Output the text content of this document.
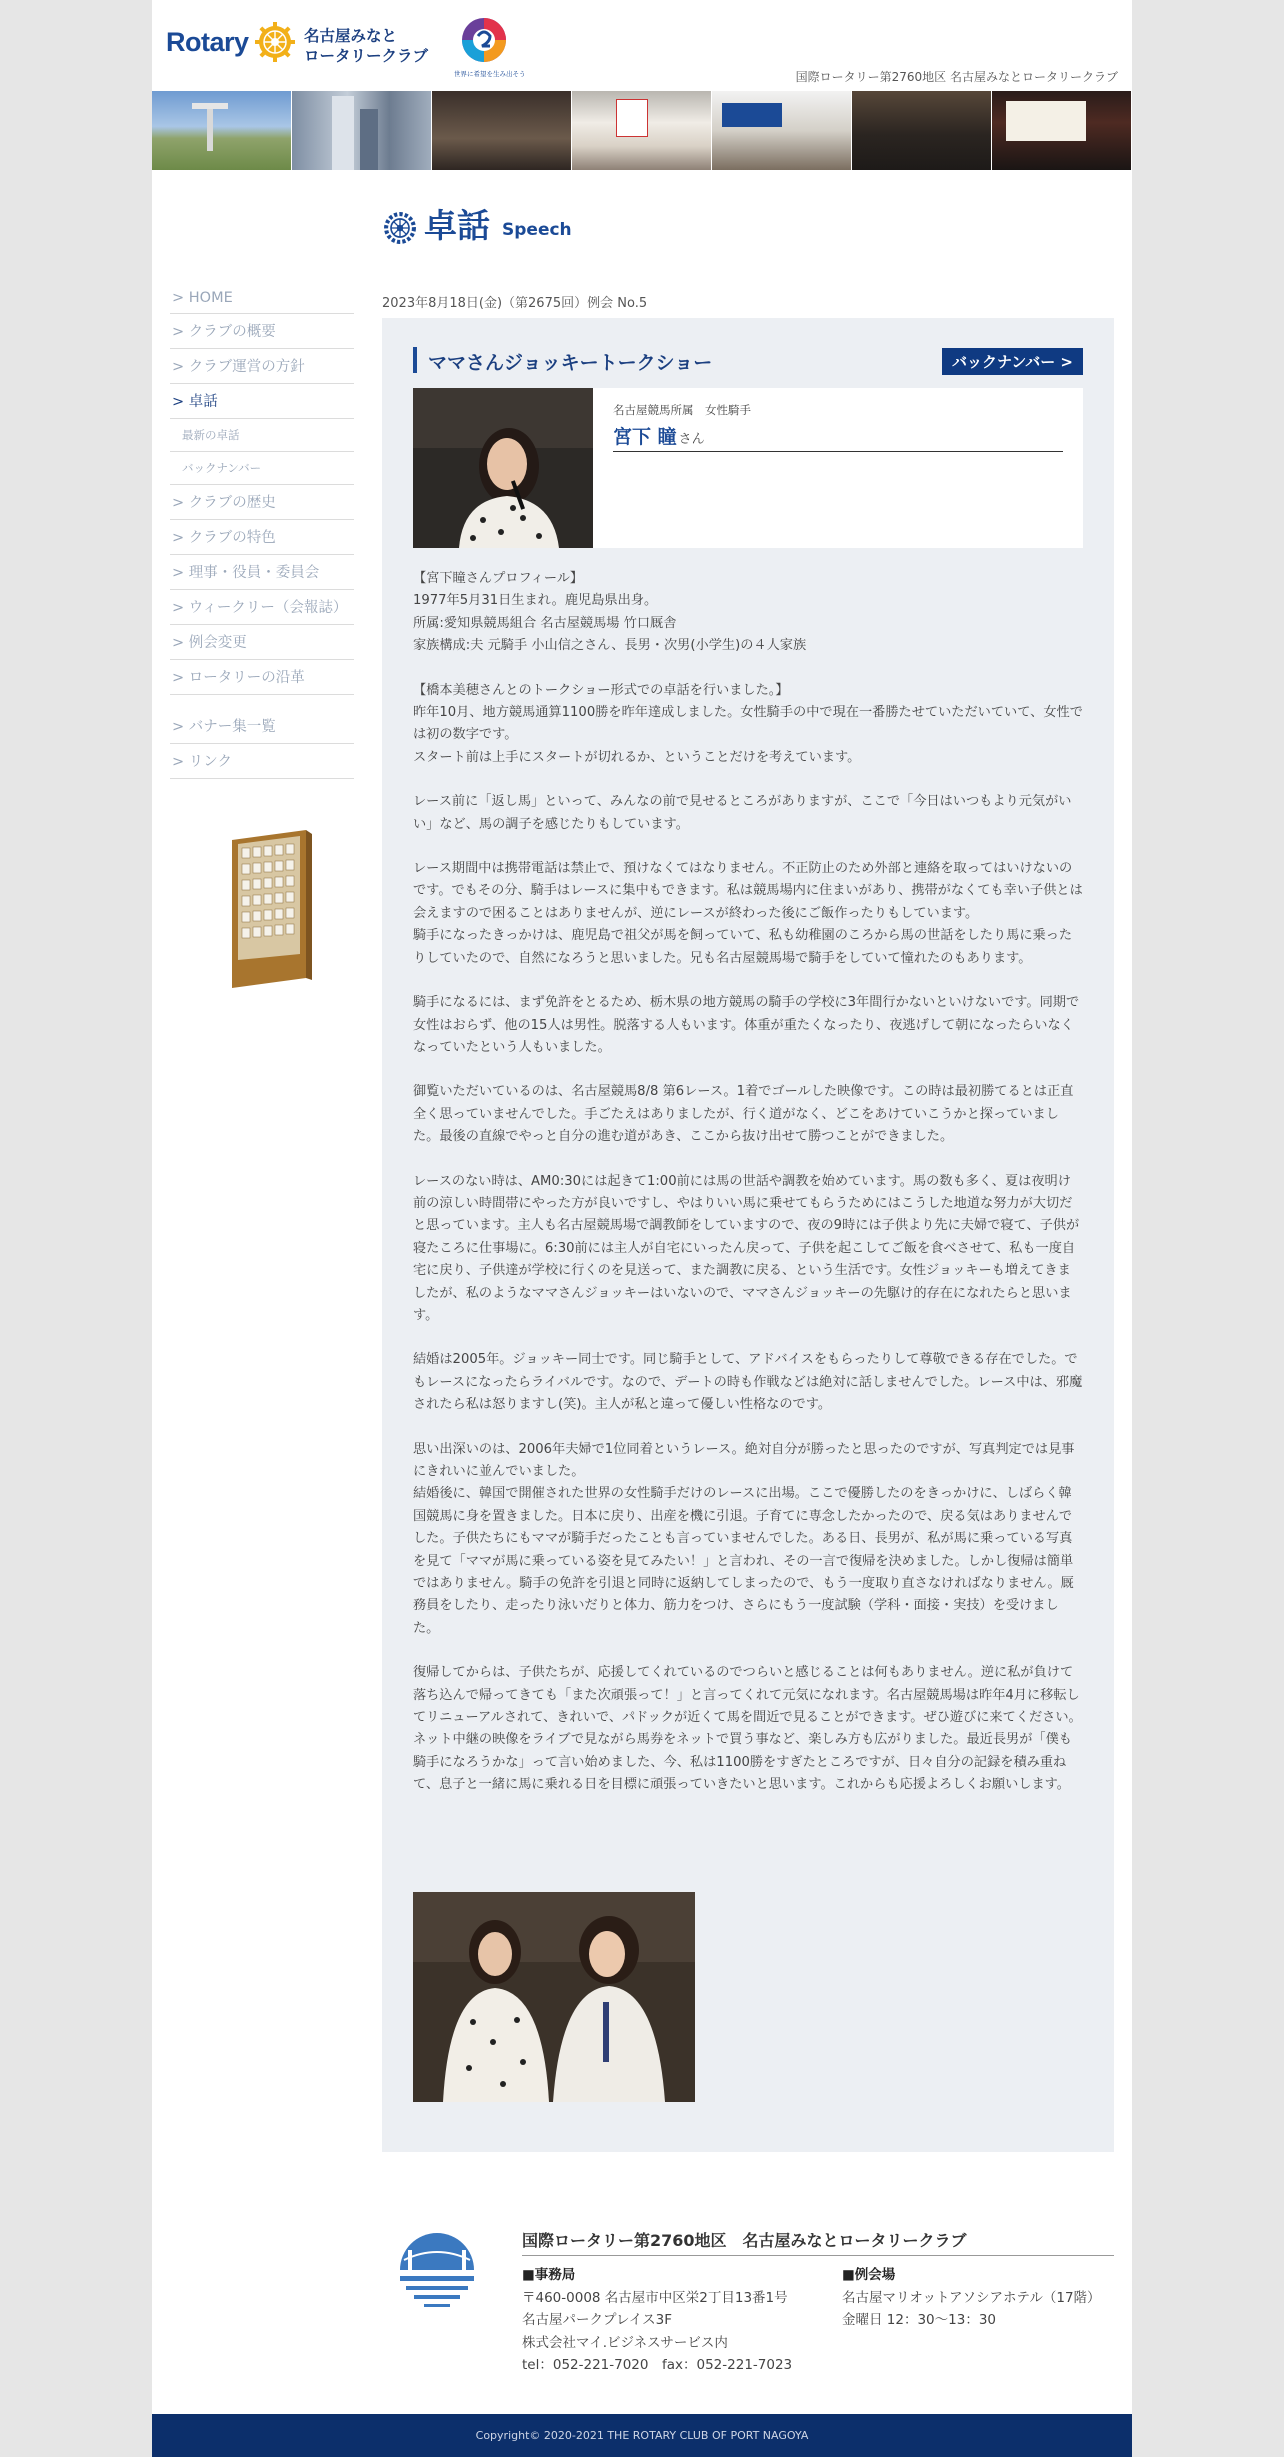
Rotary	名古屋みなと
ロータリークラブ
世界に希望を生み出そう	国際ロータリー第2760地区 名古屋みなとロータリークラブ
> HOME
> クラブの概要
> クラブ運営の方針
> 卓話
最新の卓話
バックナンバー
> クラブの歴史
> クラブの特色
> 理事・役員・委員会
> ウィークリー（会報誌）
> 例会変更
> ロータリーの沿革
> バナー集一覧
> リンク
卓話 Speech
2023年8月18日(金)（第2675回）例会 No.5
ママさんジョッキートークショー	バックナンバー >
名古屋競馬所属　女性騎手
宮下 瞳 さん

【宮下瞳さんプロフィール】
1977年5月31日生まれ。鹿児島県出身。
所属:愛知県競馬組合 名古屋競馬場 竹口厩舎
家族構成:夫 元騎手 小山信之さん、長男・次男(小学生)の４人家族

【橋本美穂さんとのトークショー形式での卓話を行いました。】
昨年10月、地方競馬通算1100勝を昨年達成しました。女性騎手の中で現在一番勝たせていただいていて、女性では初の数字です。
スタート前は上手にスタートが切れるか、ということだけを考えています。

レース前に「返し馬」といって、みんなの前で見せるところがありますが、ここで「今日はいつもより元気がいい」など、馬の調子を感じたりもしています。

レース期間中は携帯電話は禁止で、預けなくてはなりません。不正防止のため外部と連絡を取ってはいけないのです。でもその分、騎手はレースに集中もできます。私は競馬場内に住まいがあり、携帯がなくても幸い子供とは会えますので困ることはありませんが、逆にレースが終わった後にご飯作ったりもしています。
騎手になったきっかけは、鹿児島で祖父が馬を飼っていて、私も幼稚園のころから馬の世話をしたり馬に乗ったりしていたので、自然になろうと思いました。兄も名古屋競馬場で騎手をしていて憧れたのもあります。

騎手になるには、まず免許をとるため、栃木県の地方競馬の騎手の学校に3年間行かないといけないです。同期で女性はおらず、他の15人は男性。脱落する人もいます。体重が重たくなったり、夜逃げして朝になったらいなくなっていたという人もいました。

御覧いただいているのは、名古屋競馬8/8 第6レース。1着でゴールした映像です。この時は最初勝てるとは正直全く思っていませんでした。手ごたえはありましたが、行く道がなく、どこをあけていこうかと探っていました。最後の直線でやっと自分の進む道があき、ここから抜け出せて勝つことができました。

レースのない時は、AM0:30には起きて1:00前には馬の世話や調教を始めています。馬の数も多く、夏は夜明け前の涼しい時間帯にやった方が良いですし、やはりいい馬に乗せてもらうためにはこうした地道な努力が大切だと思っています。主人も名古屋競馬場で調教師をしていますので、夜の9時には子供より先に夫婦で寝て、子供が寝たころに仕事場に。6:30前には主人が自宅にいったん戻って、子供を起こしてご飯を食べさせて、私も一度自宅に戻り、子供達が学校に行くのを見送って、また調教に戻る、という生活です。女性ジョッキーも増えてきましたが、私のようなママさんジョッキーはいないので、ママさんジョッキーの先駆け的存在になれたらと思います。

結婚は2005年。ジョッキー同士です。同じ騎手として、アドバイスをもらったりして尊敬できる存在でした。でもレースになったらライバルです。なので、デートの時も作戦などは絶対に話しませんでした。レース中は、邪魔されたら私は怒りますし(笑)。主人が私と違って優しい性格なのです。

思い出深いのは、2006年夫婦で1位同着というレース。絶対自分が勝ったと思ったのですが、写真判定では見事にきれいに並んでいました。
結婚後に、韓国で開催された世界の女性騎手だけのレースに出場。ここで優勝したのをきっかけに、しばらく韓国競馬に身を置きました。日本に戻り、出産を機に引退。子育てに専念したかったので、戻る気はありませんでした。子供たちにもママが騎手だったことも言っていませんでした。ある日、長男が、私が馬に乗っている写真を見て「ママが馬に乗っている姿を見てみたい！」と言われ、その一言で復帰を決めました。しかし復帰は簡単ではありません。騎手の免許を引退と同時に返納してしまったので、もう一度取り直さなければなりません。厩務員をしたり、走ったり泳いだりと体力、筋力をつけ、さらにもう一度試験（学科・面接・実技）を受けました。

復帰してからは、子供たちが、応援してくれているのでつらいと感じることは何もありません。逆に私が負けて落ち込んで帰ってきても「また次頑張って！」と言ってくれて元気になれます。名古屋競馬場は昨年4月に移転してリニューアルされて、きれいで、パドックが近くて馬を間近で見ることができます。ぜひ遊びに来てください。
ネット中継の映像をライブで見ながら馬券をネットで買う事など、楽しみ方も広がりました。最近長男が「僕も騎手になろうかな」って言い始めました、今、私は1100勝をすぎたところですが、日々自分の記録を積み重ねて、息子と一緒に馬に乗れる日を目標に頑張っていきたいと思います。これからも応援よろしくお願いします。

国際ロータリー第2760地区　名古屋みなとロータリークラブ
■事務局
〒460-0008 名古屋市中区栄2丁目13番1号
名古屋パークプレイス3F
株式会社マイ.ビジネスサービス内
tel：052-221-7020　fax：052-221-7023
■例会場
名古屋マリオットアソシアホテル（17階）
金曜日 12：30〜13：30
Copyright© 2020-2021 THE ROTARY CLUB OF PORT NAGOYA
